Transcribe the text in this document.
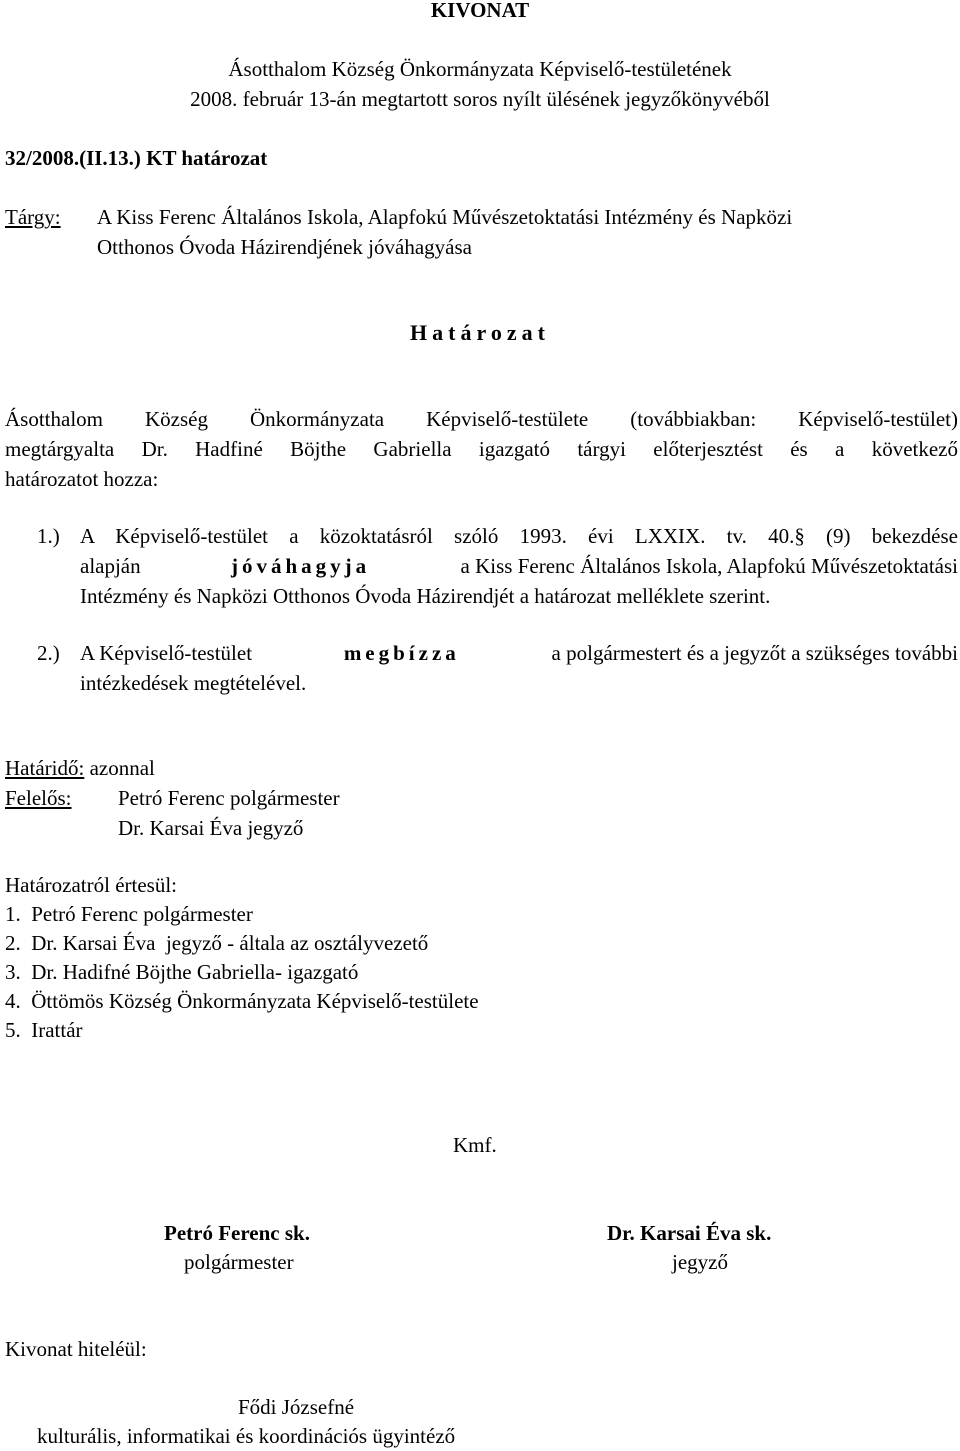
KIVONAT
Ásotthalom Község Önkormányzata Képviselő-testületének
2008. február 13-án megtartott soros nyílt ülésének jegyzőkönyvéből
32/2008.(II.13.) KT határozat
Tárgy: A Kiss Ferenc Általános Iskola, Alapfokú Művészetoktatási Intézmény és Napközi
Otthonos Óvoda Házirendjének jóváhagyása
Határozat
Ásotthalom Község Önkormányzata Képviselő-testülete (továbbiakban: Képviselő-testület)
megtárgyalta Dr. Hadfiné Böjthe Gabriella igazgató tárgyi előterjesztést és a következő
határozatot hozza:
1.) A Képviselő-testület a közoktatásról szóló 1993. évi LXXIX. tv. 40.§ (9) bekezdése
alapján	jóváhagyja	a Kiss Ferenc Általános Iskola, Alapfokú Művészetoktatási
Intézmény és Napközi Otthonos Óvoda Házirendjét a határozat melléklete szerint.
2.) A Képviselő-testület	megbízza	a polgármestert és a jegyzőt a szükséges további
intézkedések megtételével.
Határidő: azonnal
Felelős: Petró Ferenc polgármester
Dr. Karsai Éva jegyző
Határozatról értesül:
1.  Petró Ferenc polgármester
2.  Dr. Karsai Éva  jegyző - általa az osztályvezető
3.  Dr. Hadifné Böjthe Gabriella- igazgató
4.  Öttömös Község Önkormányzata Képviselő-testülete
5.  Irattár
Kmf.
Petró Ferenc sk.
polgármester
Dr. Karsai Éva sk.
jegyző
Kivonat hiteléül:
Fődi Józsefné
kulturális, informatikai és koordinációs ügyintéző
